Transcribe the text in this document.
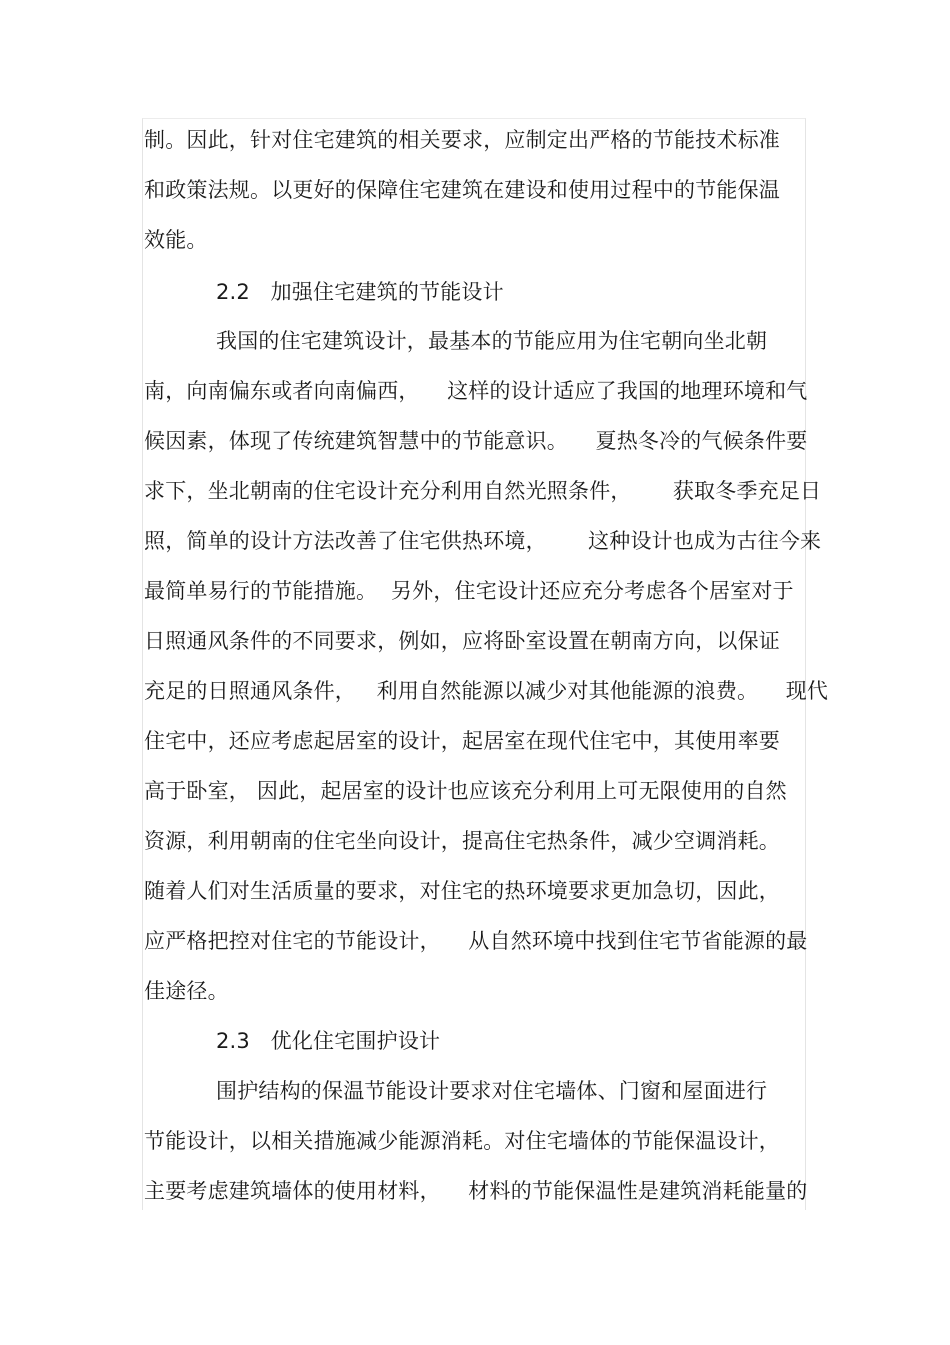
制。因此，针对住宅建筑的相关要求，应制定出严格的节能技术标准
和政策法规。以更好的保障住宅建筑在建设和使用过程中的节能保温
效能。
2.2   加强住宅建筑的节能设计
我国的住宅建筑设计，最基本的节能应用为住宅朝向坐北朝
南，向南偏东或者向南偏西，    这样的设计适应了我国的地理环境和气
候因素，体现了传统建筑智慧中的节能意识。    夏热冬冷的气候条件要
求下，坐北朝南的住宅设计充分利用自然光照条件，      获取冬季充足日
照，简单的设计方法改善了住宅供热环境，      这种设计也成为古往今来
最简单易行的节能措施。  另外，住宅设计还应充分考虑各个居室对于
日照通风条件的不同要求，例如，应将卧室设置在朝南方向，以保证
充足的日照通风条件，   利用自然能源以减少对其他能源的浪费。    现代
住宅中，还应考虑起居室的设计，起居室在现代住宅中，其使用率要
高于卧室， 因此，起居室的设计也应该充分利用上可无限使用的自然
资源，利用朝南的住宅坐向设计，提高住宅热条件，减少空调消耗。
随着人们对生活质量的要求，对住宅的热环境要求更加急切，因此，
应严格把控对住宅的节能设计，    从自然环境中找到住宅节省能源的最
佳途径。
2.3   优化住宅围护设计
围护结构的保温节能设计要求对住宅墙体、门窗和屋面进行
节能设计，以相关措施减少能源消耗。对住宅墙体的节能保温设计，
主要考虑建筑墙体的使用材料，    材料的节能保温性是建筑消耗能量的
